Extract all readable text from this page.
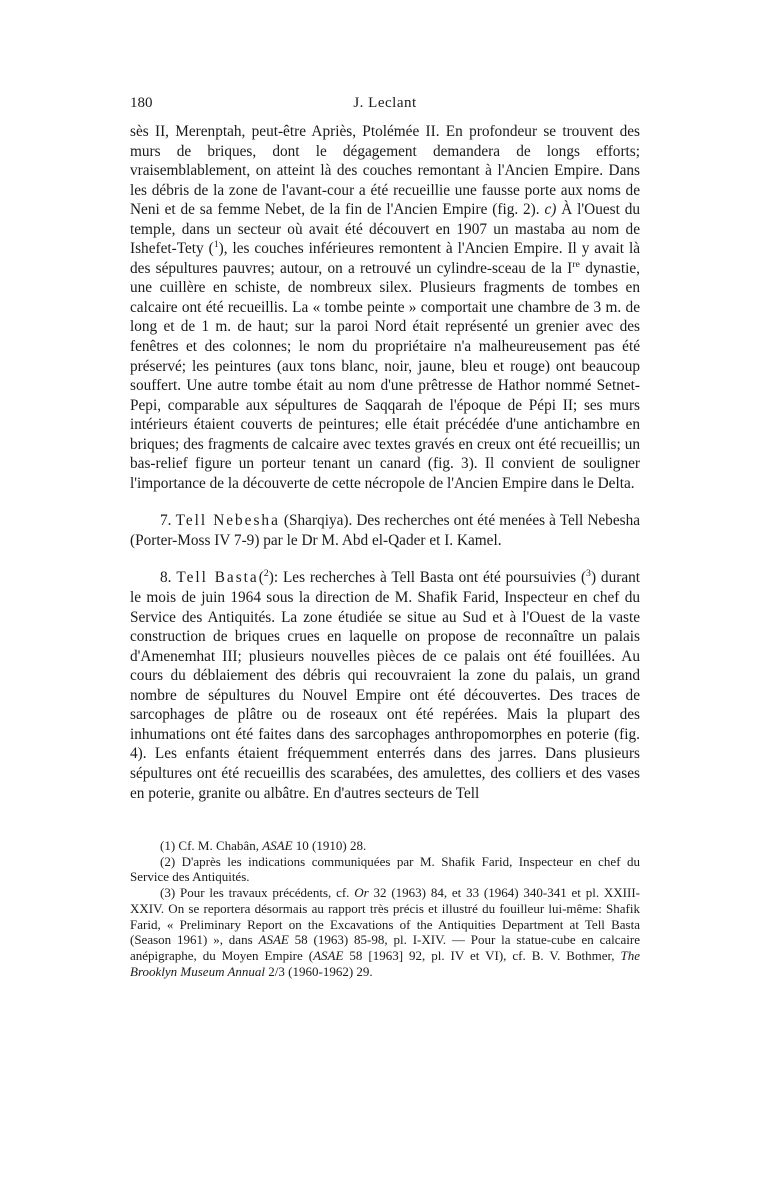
180	J. Leclant

sès II, Merenptah, peut-être Apriès, Ptolémée II. En profondeur se trouvent des murs de briques, dont le dégagement demandera de longs efforts; vraisemblablement, on atteint là des couches remontant à l'Ancien Empire. Dans les débris de la zone de l'avant-cour a été recueillie une fausse porte aux noms de Neni et de sa femme Nebet, de la fin de l'Ancien Empire (fig. 2). c) À l'Ouest du temple, dans un secteur où avait été découvert en 1907 un mastaba au nom de Ishefet-Tety ($^1$), les couches inférieures remontent à l'Ancien Empire. Il y avait là des sépultures pauvres; autour, on a retrouvé un cylindre-sceau de la Ire dynastie, une cuillère en schiste, de nombreux silex. Plusieurs fragments de tombes en calcaire ont été recueillis. La « tombe peinte » comportait une chambre de 3 m. de long et de 1 m. de haut; sur la paroi Nord était représenté un grenier avec des fenêtres et des colonnes; le nom du propriétaire n'a malheureusement pas été préservé; les peintures (aux tons blanc, noir, jaune, bleu et rouge) ont beaucoup souffert. Une autre tombe était au nom d'une prêtresse de Hathor nommé Setnet-Pepi, comparable aux sépultures de Saqqarah de l'époque de Pépi II; ses murs intérieurs étaient couverts de peintures; elle était précédée d'une antichambre en briques; des fragments de calcaire avec textes gravés en creux ont été recueillis; un bas-relief figure un porteur tenant un canard (fig. 3). Il convient de souligner l'importance de la découverte de cette nécropole de l'Ancien Empire dans le Delta.

7. Tell Nebesha (Sharqiya). Des recherches ont été menées à Tell Nebesha (Porter-Moss IV 7-9) par le Dr M. Abd el-Qader et I. Kamel.

8. Tell Basta($^2$): Les recherches à Tell Basta ont été poursuivies ($^3$) durant le mois de juin 1964 sous la direction de M. Shafik Farid, Inspecteur en chef du Service des Antiquités. La zone étudiée se situe au Sud et à l'Ouest de la vaste construction de briques crues en laquelle on propose de reconnaître un palais d'Amenemhat III; plusieurs nouvelles pièces de ce palais ont été fouillées. Au cours du déblaiement des débris qui recouvraient la zone du palais, un grand nombre de sépultures du Nouvel Empire ont été découvertes. Des traces de sarcophages de plâtre ou de roseaux ont été repérées. Mais la plupart des inhumations ont été faites dans des sarcophages anthropomorphes en poterie (fig. 4). Les enfants étaient fréquemment enterrés dans des jarres. Dans plusieurs sépultures ont été recueillis des scarabées, des amulettes, des colliers et des vases en poterie, granite ou albâtre. En d'autres secteurs de Tell

(1) Cf. M. Chabân, ASAE 10 (1910) 28.

(2) D'après les indications communiquées par M. Shafik Farid, Inspecteur en chef du Service des Antiquités.

(3) Pour les travaux précédents, cf. Or 32 (1963) 84, et 33 (1964) 340-341 et pl. XXIII-XXIV. On se reportera désormais au rapport très précis et illustré du fouilleur lui-même: Shafik Farid, « Preliminary Report on the Excavations of the Antiquities Department at Tell Basta (Season 1961) », dans ASAE 58 (1963) 85-98, pl. I-XIV. — Pour la statue-cube en calcaire anépigraphe, du Moyen Empire (ASAE 58 [1963] 92, pl. IV et VI), cf. B. V. Bothmer, The Brooklyn Museum Annual 2/3 (1960-1962) 29.
